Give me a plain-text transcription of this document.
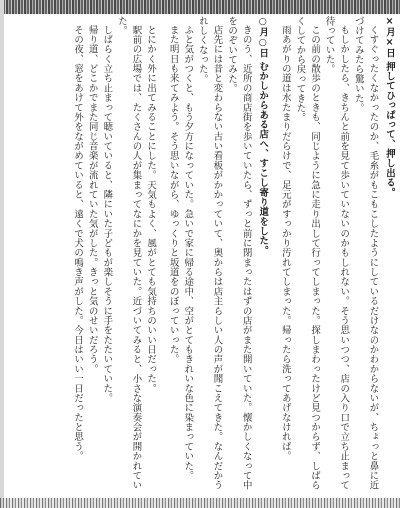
×月×日 押してひっぱって、押し出る。
くすぐったくなかったのか、毛糸がもこもこしたようにしているだけなのかわからないが、ちょっと鼻に近づけてみたら驚いた。
もしかしたら、きちんと前を見て歩いていないのかもしれない。そう思いつつ、店の入り口で立ち止まって待っていた。
この前の散歩のときも、同じように急に走り出して行ってしまった。探しまわったけど見つからず、しばらくしてから戻ってきた。
雨あがりの道は水たまりだらけで、足元がすっかり汚れてしまった。帰ったら洗ってあげなければ。
○月○日 むかしからある店へ、すこし寄り道をした。
きのう、近所の商店街を歩いていたら、ずっと前に閉まったはずの店がまた開いていた。懐かしくなって中をのぞいてみた。
店先には昔と変わらない古い看板がかかっていて、奥からは店主らしい人の声が聞こえてきた。なんだかうれしくなった。
ふと気がつくと、もう夕方になっていた。急いで家に帰る途中、空がとてもきれいな色に染まっていた。
また明日も来てみよう。そう思いながら、ゆっくりと坂道をのぼっていった。
とにかく外に出てみることにした。天気もよく、風がとても気持ちのいい日だった。
駅前の広場では、たくさんの人が集まってなにかを見ていた。近づいてみると、小さな演奏会が開かれていた。
しばらく立ち止まって聴いていると、隣にいた子どもが楽しそうに手をたたいていた。
帰り道、どこかでまた同じ音楽が流れていた気がした。きっと気のせいだろう。
その夜、窓をあけて外をながめていると、遠くで犬の鳴き声がした。今日はいい一日だったと思う。
